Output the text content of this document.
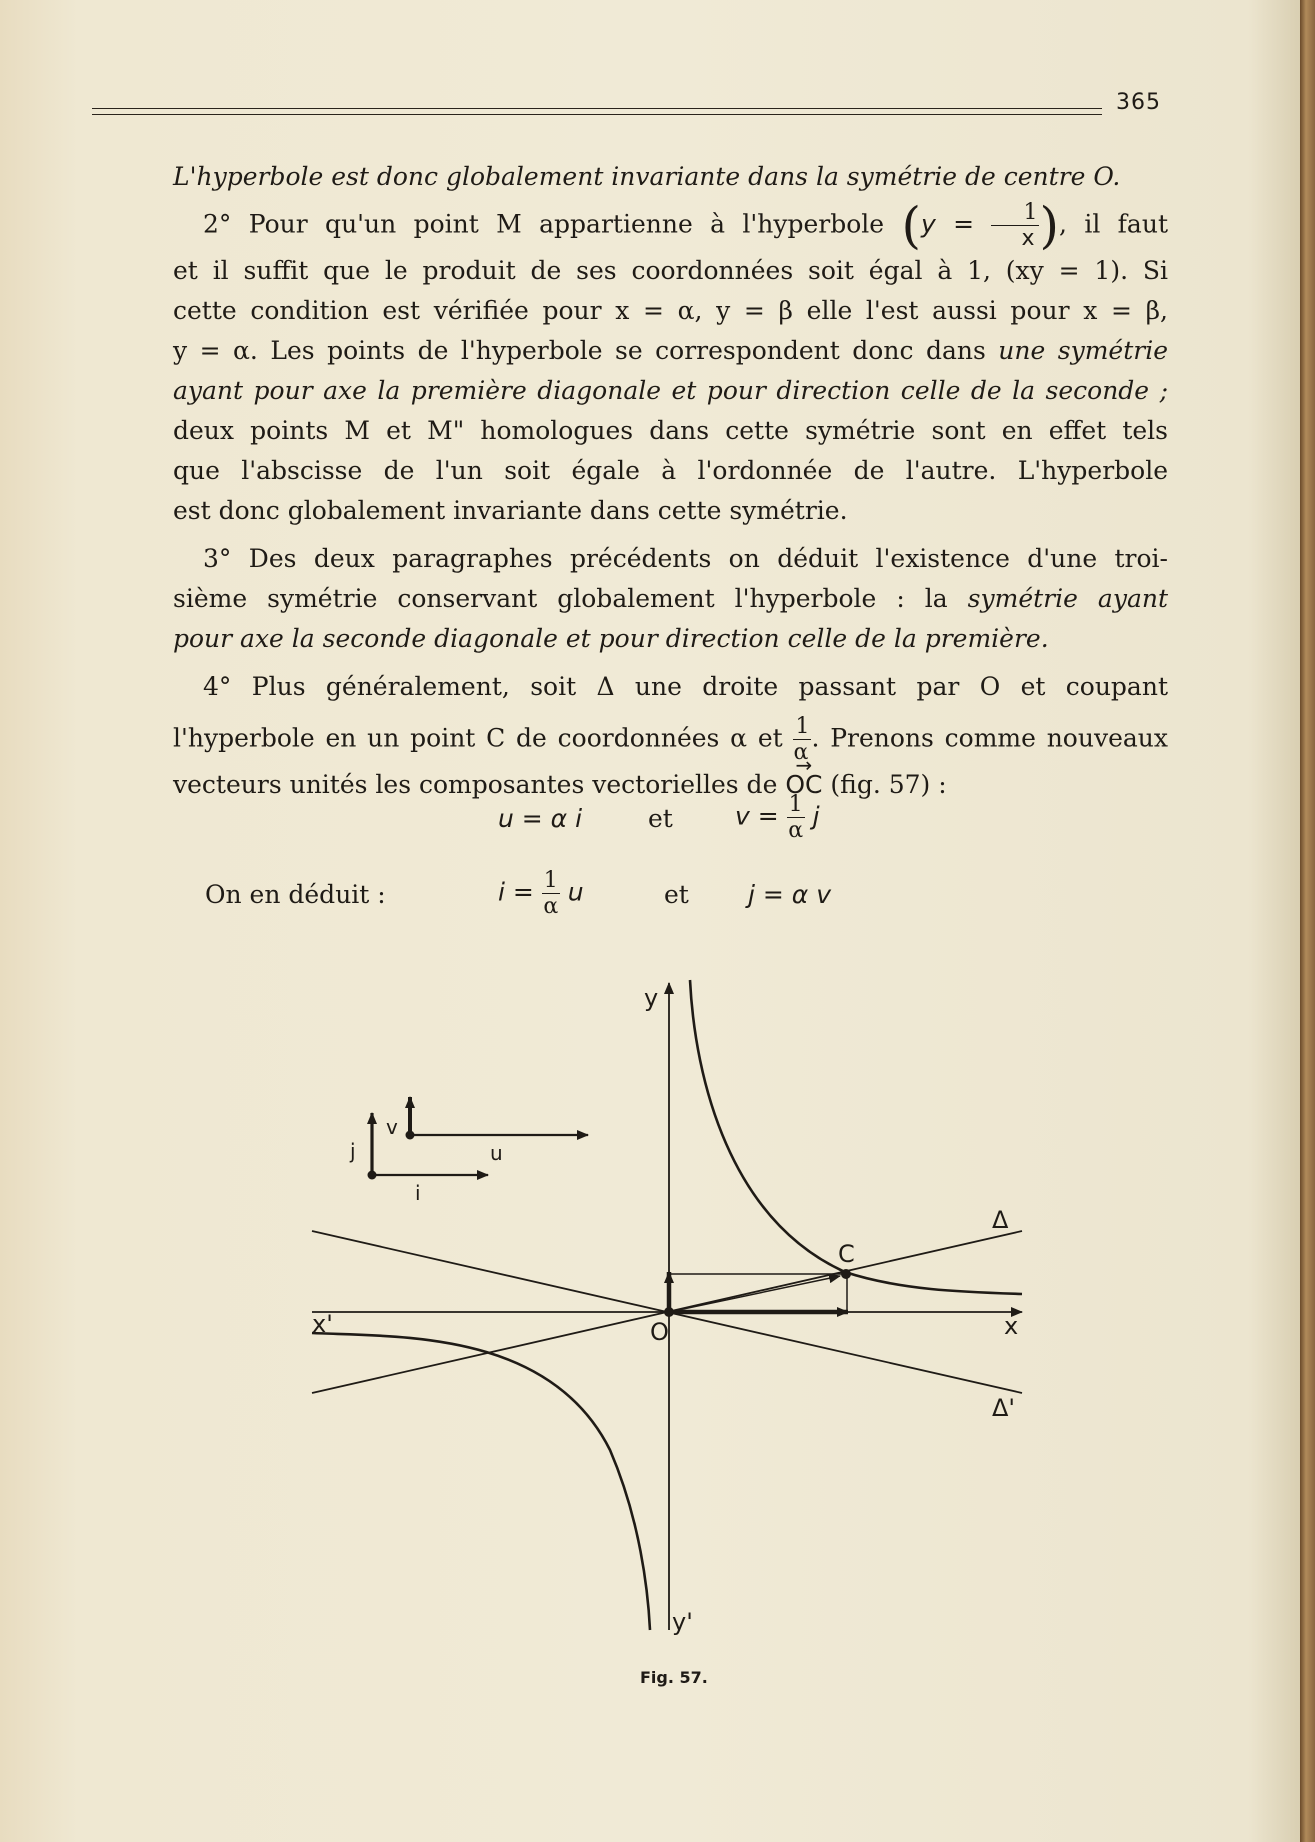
365
L'hyperbole est donc globalement invariante dans la symétrie de centre O.
2° Pour qu'un point M appartienne à l'hyperbole ($y = \frac{1}{x}$ ), il faut
et il suffit que le produit de ses coordonnées soit égal à 1, (xy = 1). Si
cette condition est vérifiée pour x = α, y = β elle l'est aussi pour x = β,
y = α. Les points de l'hyperbole se correspondent donc dans une symétrie
ayant pour axe la première diagonale et pour direction celle de la seconde ;
deux points M et M" homologues dans cette symétrie sont en effet tels
que l'abscisse de l'un soit égale à l'ordonnée de l'autre. L'hyperbole
est donc globalement invariante dans cette symétrie.
3° Des deux paragraphes précédents on déduit l'existence d'une troi-
sième symétrie conservant globalement l'hyperbole : la symétrie ayant
pour axe la seconde diagonale et pour direction celle de la première.
4° Plus généralement, soit Δ une droite passant par O et coupant
l'hyperbole en un point C de coordonnées α et $\frac{1}{\alpha}$ . Prenons comme nouveaux
vecteurs unités les composantes vectorielles de → OC (fig. 57) :
u = α i	et $v = \frac{1}{\alpha}$ j
On en déduit :	$i = \frac{1}{\alpha}$ u	et j = α v
y
y'
x
x'	O
C
Δ
Δ'
v
u
i
j
Fig. 57.
